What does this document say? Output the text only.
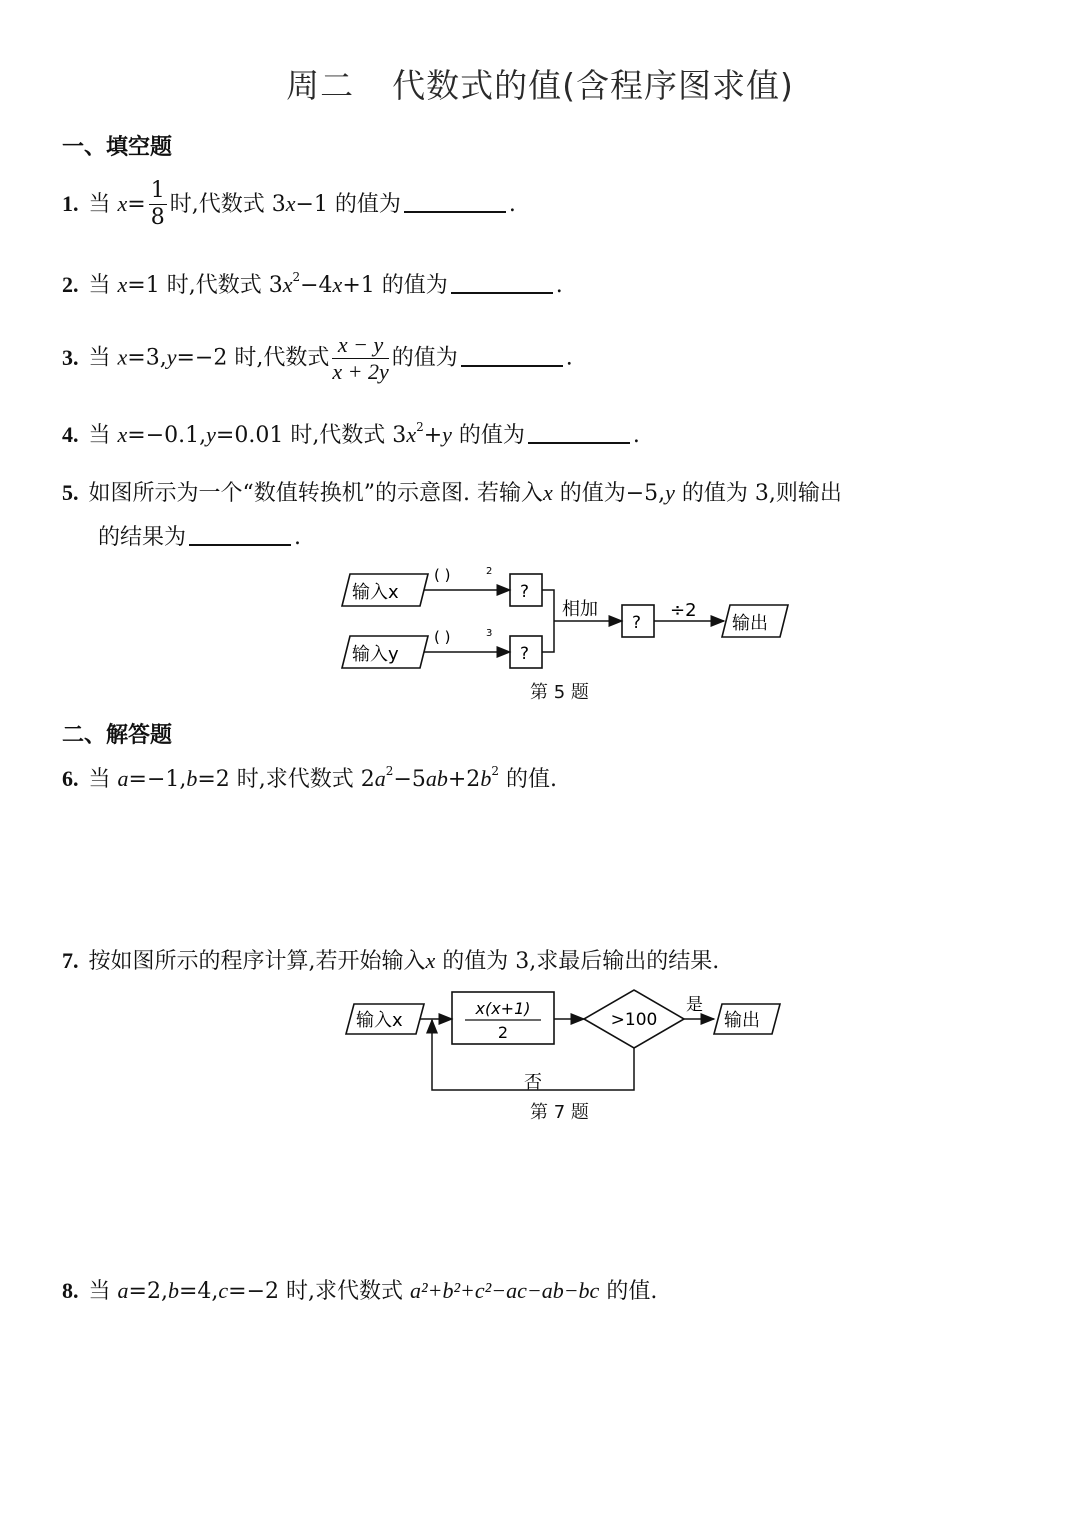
周二 代数式的值(含程序图求值)
一、填空题
1. 当 $x= \frac{1}{8}$ 时,代数式 3x−1 的值为	.
2. 当 x=1 时,代数式 $3x^2-4x+1$ 的值为	.
3. 当 x=3,y=−2 时,代数式 $\frac{x - y}{x + 2y}$ 的值为	.
4. 当 x=−0.1,y=0.01 时,代数式 $3x^2+y$ 的值为	.
5. 如图所示为一个“数值转换机”的示意图. 若输入x 的值为−5,y 的值为 3,则输出
的结果为	.
输入x
输入y
( )	2
( )	3
?
?
相加
?
÷2
输出
第 5 题
二、解答题
6. 当 a=−1,b=2 时,求代数式 $2a^2-5ab+2b^2$ 的值.
7. 按如图所示的程序计算,若开始输入x 的值为 3,求最后输出的结果.
输入x
x(x+1)
2
>100
是
输出
否
第 7 题
8. 当 a=2,b=4,c=−2 时,求代数式 a²+b²+c²−ac−ab−bc 的值.
